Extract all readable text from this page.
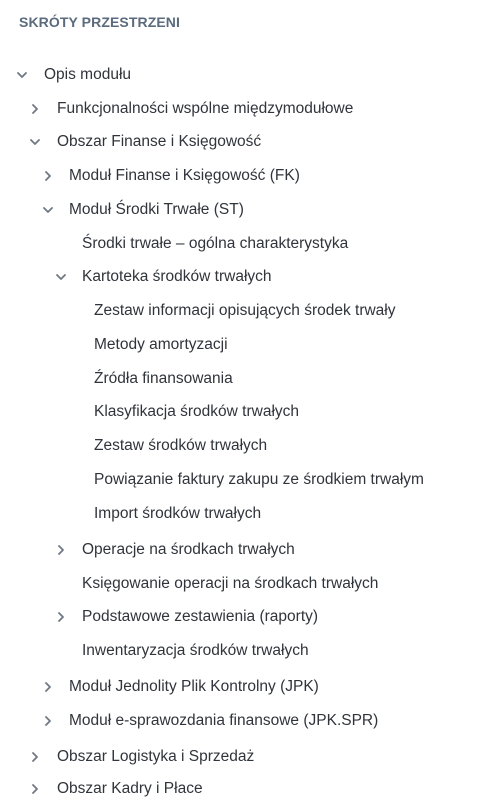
SKRÓTY PRZESTRZENI
Opis modułu
Funkcjonalności wspólne międzymodułowe
Obszar Finanse i Księgowość
Moduł Finanse i Księgowość (FK)
Moduł Środki Trwałe (ST)
Środki trwałe – ogólna charakterystyka
Kartoteka środków trwałych
Zestaw informacji opisujących środek trwały
Metody amortyzacji
Źródła finansowania
Klasyfikacja środków trwałych
Zestaw środków trwałych
Powiązanie faktury zakupu ze środkiem trwałym
Import środków trwałych
Operacje na środkach trwałych
Księgowanie operacji na środkach trwałych
Podstawowe zestawienia (raporty)
Inwentaryzacja środków trwałych
Moduł Jednolity Plik Kontrolny (JPK)
Moduł e-sprawozdania finansowe (JPK.SPR)
Obszar Logistyka i Sprzedaż
Obszar Kadry i Płace
